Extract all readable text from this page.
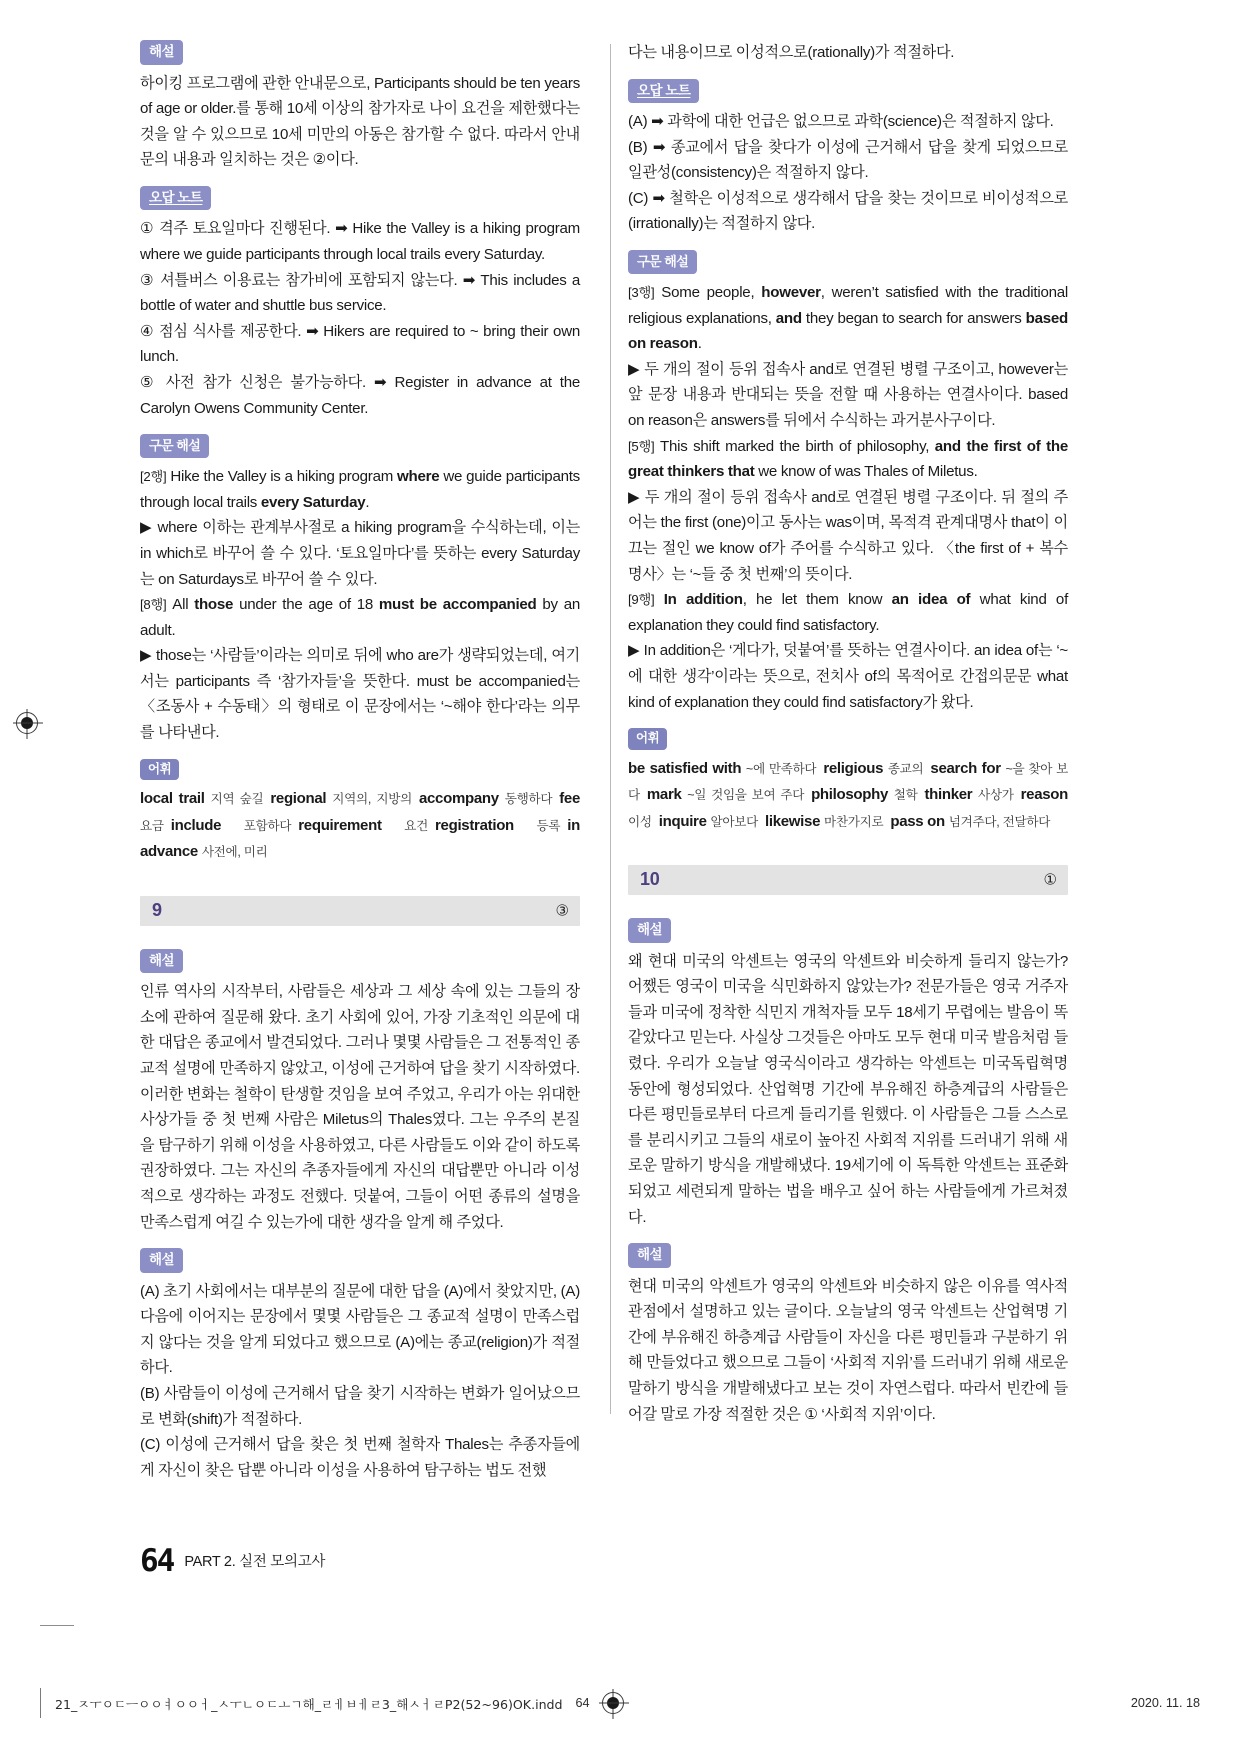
해설

하이킹 프로그램에 관한 안내문으로, Participants should be ten years of age or older.를 통해 10세 이상의 참가자로 나이 요건을 제한했다는 것을 알 수 있으므로 10세 미만의 아동은 참가할 수 없다. 따라서 안내문의 내용과 일치하는 것은 ②이다.

오답 노트

① 격주 토요일마다 진행된다. ➡ Hike the Valley is a hiking program where we guide participants through local trails every Saturday.

③ 셔틀버스 이용료는 참가비에 포함되지 않는다. ➡ This includes a bottle of water and shuttle bus service.

④ 점심 식사를 제공한다. ➡ Hikers are required to ~ bring their own lunch.

⑤ 사전 참가 신청은 불가능하다. ➡ Register in advance at the Carolyn Owens Community Center.

구문 해설

[2행] Hike the Valley is a hiking program where we guide participants through local trails every Saturday.

▶ where 이하는 관계부사절로 a hiking program을 수식하는데, 이는 in which로 바꾸어 쓸 수 있다. ‘토요일마다’를 뜻하는 every Saturday는 on Saturdays로 바꾸어 쓸 수 있다.

[8행] All those under the age of 18 must be accompanied by an adult.

▶ those는 ‘사람들’이라는 의미로 뒤에 who are가 생략되었는데, 여기서는 participants 즉 ‘참가자들’을 뜻한다. must be accompanied는 〈조동사 + 수동태〉의 형태로 이 문장에서는 ‘~해야 한다’라는 의무를 나타낸다.

어휘

local trail 지역 숲길 regional 지역의, 지방의 accompany 동행하다 fee 요금 include 포함하다 requirement 요건 registration 등록 in advance 사전에, 미리

9	③
해설

인류 역사의 시작부터, 사람들은 세상과 그 세상 속에 있는 그들의 장소에 관하여 질문해 왔다. 초기 사회에 있어, 가장 기초적인 의문에 대한 대답은 종교에서 발견되었다. 그러나 몇몇 사람들은 그 전통적인 종교적 설명에 만족하지 않았고, 이성에 근거하여 답을 찾기 시작하였다. 이러한 변화는 철학이 탄생할 것임을 보여 주었고, 우리가 아는 위대한 사상가들 중 첫 번째 사람은 Miletus의 Thales였다. 그는 우주의 본질을 탐구하기 위해 이성을 사용하였고, 다른 사람들도 이와 같이 하도록 권장하였다. 그는 자신의 추종자들에게 자신의 대답뿐만 아니라 이성적으로 생각하는 과정도 전했다. 덧붙여, 그들이 어떤 종류의 설명을 만족스럽게 여길 수 있는가에 대한 생각을 알게 해 주었다.

해설

(A) 초기 사회에서는 대부분의 질문에 대한 답을 (A)에서 찾았지만, (A) 다음에 이어지는 문장에서 몇몇 사람들은 그 종교적 설명이 만족스럽지 않다는 것을 알게 되었다고 했으므로 (A)에는 종교(religion)가 적절하다.

(B) 사람들이 이성에 근거해서 답을 찾기 시작하는 변화가 일어났으므로 변화(shift)가 적절하다.

(C) 이성에 근거해서 답을 찾은 첫 번째 철학자 Thales는 추종자들에게 자신이 찾은 답뿐 아니라 이성을 사용하여 탐구하는 법도 전했

다는 내용이므로 이성적으로(rationally)가 적절하다.

오답 노트

(A) ➡ 과학에 대한 언급은 없으므로 과학(science)은 적절하지 않다.

(B) ➡ 종교에서 답을 찾다가 이성에 근거해서 답을 찾게 되었으므로 일관성(consistency)은 적절하지 않다.

(C) ➡ 철학은 이성적으로 생각해서 답을 찾는 것이므로 비이성적으로(irrationally)는 적절하지 않다.

구문 해설

[3행] Some people, however, weren’t satisfied with the traditional religious explanations, and they began to search for answers based on reason.

▶ 두 개의 절이 등위 접속사 and로 연결된 병렬 구조이고, however는 앞 문장 내용과 반대되는 뜻을 전할 때 사용하는 연결사이다. based on reason은 answers를 뒤에서 수식하는 과거분사구이다.

[5행] This shift marked the birth of philosophy, and the first of the great thinkers that we know of was Thales of Miletus.

▶ 두 개의 절이 등위 접속사 and로 연결된 병렬 구조이다. 뒤 절의 주어는 the first (one)이고 동사는 was이며, 목적격 관계대명사 that이 이끄는 절인 we know of가 주어를 수식하고 있다. 〈the first of + 복수 명사〉는 ‘~들 중 첫 번째’의 뜻이다.

[9행] In addition, he let them know an idea of what kind of explanation they could find satisfactory.

▶ In addition은 ‘게다가, 덧붙여’를 뜻하는 연결사이다. an idea of는 ‘~에 대한 생각’이라는 뜻으로, 전치사 of의 목적어로 간접의문문 what kind of explanation they could find satisfactory가 왔다.

어휘

be satisfied with ~에 만족하다 religious 종교의 search for ~을 찾아 보다 mark ~일 것임을 보여 주다 philosophy 철학 thinker 사상가 reason 이성 inquire 알아보다 likewise 마찬가지로 pass on 넘겨주다, 전달하다

10	①
해설

왜 현대 미국의 악센트는 영국의 악센트와 비슷하게 들리지 않는가? 어쨌든 영국이 미국을 식민화하지 않았는가? 전문가들은 영국 거주자들과 미국에 정착한 식민지 개척자들 모두 18세기 무렵에는 발음이 똑같았다고 믿는다. 사실상 그것들은 아마도 모두 현대 미국 발음처럼 들렸다. 우리가 오늘날 영국식이라고 생각하는 악센트는 미국독립혁명 동안에 형성되었다. 산업혁명 기간에 부유해진 하층계급의 사람들은 다른 평민들로부터 다르게 들리기를 원했다. 이 사람들은 그들 스스로를 분리시키고 그들의 새로이 높아진 사회적 지위를 드러내기 위해 새로운 말하기 방식을 개발해냈다. 19세기에 이 독특한 악센트는 표준화되었고 세련되게 말하는 법을 배우고 싶어 하는 사람들에게 가르쳐졌다.

해설

현대 미국의 악센트가 영국의 악센트와 비슷하지 않은 이유를 역사적 관점에서 설명하고 있는 글이다. 오늘날의 영국 악센트는 산업혁명 기간에 부유해진 하층계급 사람들이 자신을 다른 평민들과 구분하기 위해 만들었다고 했으므로 그들이 ‘사회적 지위’를 드러내기 위해 새로운 말하기 방식을 개발해냈다고 보는 것이 자연스럽다. 따라서 빈칸에 들어갈 말로 가장 적절한 것은 ① ‘사회적 지위’이다.

64 PART 2. 실전 모의고사
21_ㅈㅜㅇㄷㅡㅇㅇㅕㅇㅇㅓ_ㅅㅜㄴㅇㄷㅗㄱ해_ㄹㅔㅂㅔㄹ3_해ㅅㅓㄹP2(52~96)OK.indd 64	2020. 11. 18
